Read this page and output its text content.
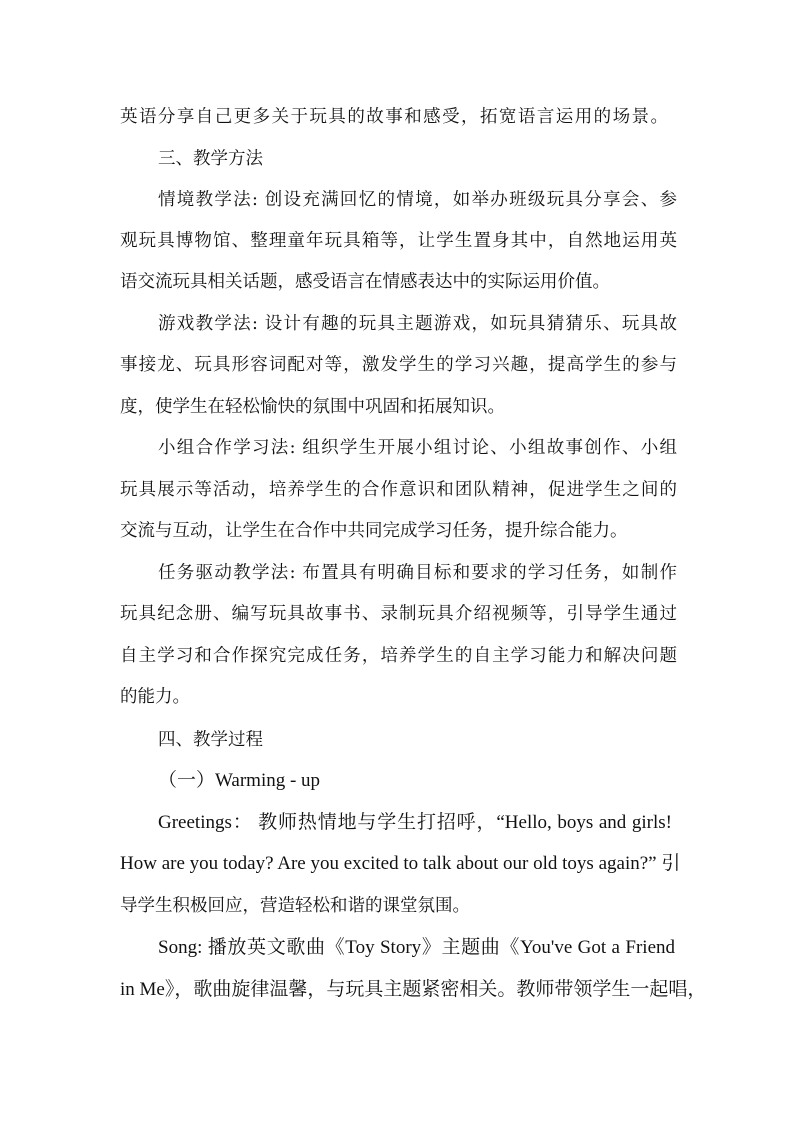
英语分享自己更多关于玩具的故事和感受，拓宽语言运用的场景。
三、教学方法
情境教学法: 创设充满回忆的情境，如举办班级玩具分享会、参
观玩具博物馆、整理童年玩具箱等，让学生置身其中，自然地运用英
语交流玩具相关话题，感受语言在情感表达中的实际运用价值。
游戏教学法: 设计有趣的玩具主题游戏，如玩具猜猜乐、玩具故
事接龙、玩具形容词配对等，激发学生的学习兴趣，提高学生的参与
度，使学生在轻松愉快的氛围中巩固和拓展知识。
小组合作学习法: 组织学生开展小组讨论、小组故事创作、小组
玩具展示等活动，培养学生的合作意识和团队精神，促进学生之间的
交流与互动，让学生在合作中共同完成学习任务，提升综合能力。
任务驱动教学法: 布置具有明确目标和要求的学习任务，如制作
玩具纪念册、编写玩具故事书、录制玩具介绍视频等，引导学生通过
自主学习和合作探究完成任务，培养学生的自主学习能力和解决问题
的能力。
四、教学过程
（一）Warming - up
Greetings： 教师热情地与学生打招呼，“Hello, boys and girls!
How are you today? Are you excited to talk about our old toys again?” 引
导学生积极回应，营造轻松和谐的课堂氛围。
Song: 播放英文歌曲《Toy Story》主题曲《You've Got a Friend
in Me》，歌曲旋律温馨，与玩具主题紧密相关。教师带领学生一起唱，
